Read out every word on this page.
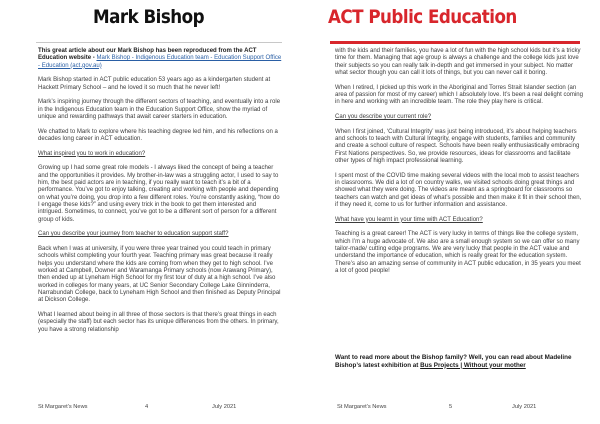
Mark Bishop

This great article about our Mark Bishop has been reproduced from the ACT Education website - Mark Bishop - Indigenous Education team - Education Support Office - Education (act.gov.au)

Mark Bishop started in ACT public education 53 years ago as a kindergarten student at Hackett Primary School – and he loved it so much that he never left!

Mark’s inspiring journey through the different sectors of teaching, and eventually into a role in the Indigenous Education team in the Education Support Office, show the myriad of unique and rewarding pathways that await career starters in education.

We chatted to Mark to explore where his teaching degree led him, and his reflections on a decades long career in ACT education.

What inspired you to work in education?

Growing up I had some great role models - I always liked the concept of being a teacher and the opportunities it provides. My brother-in-law was a struggling actor, I used to say to him, the best paid actors are in teaching, if you really want to teach it’s a bit of a performance. You’ve got to enjoy talking, creating and working with people and depending on what you’re doing, you drop into a few different roles. You’re constantly asking, “how do I engage these kids?” and using every trick in the book to get them interested and intrigued. Sometimes, to connect, you’ve got to be a different sort of person for a different group of kids.

Can you describe your journey from teacher to education support staff?

Back when I was at university, if you were three year trained you could teach in primary schools whilst completing your fourth year. Teaching primary was great because it really helps you understand where the kids are coming from when they get to high school. I’ve worked at Campbell, Downer and Waramanga Primary schools (now Arawang Primary), then ended up at Lyneham High School for my first tour of duty at a high school. I’ve also worked in colleges for many years, at UC Senior Secondary College Lake Ginninderra, Narrabundah College, back to Lyneham High School and then finished as Deputy Principal at Dickson College.

What I learned about being in all three of those sectors is that there’s great things in each (especially the staff) but each sector has its unique differences from the others. In primary, you have a strong relationship

St Margaret’s News	4	July 2021
ACT Public Education

with the kids and their families, you have a lot of fun with the high school kids but it’s a tricky time for them. Managing that age group is always a challenge and the college kids just love their subjects so you can really talk in-depth and get immersed in your subject. No matter what sector though you can call it lots of things, but you can never call it boring.

When I retired, I picked up this work in the Aboriginal and Torres Strait Islander section (an area of passion for most of my career) which I absolutely love. It’s been a real delight coming in here and working with an incredible team. The role they play here is critical.

Can you describe your current role?

When I first joined, ‘Cultural Integrity’ was just being introduced, it’s about helping teachers and schools to teach with Cultural Integrity, engage with students, families and community and create a school culture of respect. Schools have been really enthusiastically embracing First Nations perspectives. So, we provide resources, ideas for classrooms and facilitate other types of high impact professional learning.

I spent most of the COVID time making several videos with the local mob to assist teachers in classrooms. We did a lot of on country walks, we visited schools doing great things and showed what they were doing. The videos are meant as a springboard for classrooms so teachers can watch and get ideas of what’s possible and then make it fit in their school then, if they need it, come to us for further information and assistance.

What have you learnt in your time with ACT Education?

Teaching is a great career! The ACT is very lucky in terms of things like the college system, which I’m a huge advocate of. We also are a small enough system so we can offer so many tailor-made/ cutting edge programs. We are very lucky that people in the ACT value and understand the importance of education, which is really great for the education system. There’s also an amazing sense of community in ACT public education, in 35 years you meet a lot of good people!

Want to read more about the Bishop family? Well, you can read about Madeline Bishop’s latest exhibition at Bus Projects | Without your mother
St Margaret’s News	5	July 2021
